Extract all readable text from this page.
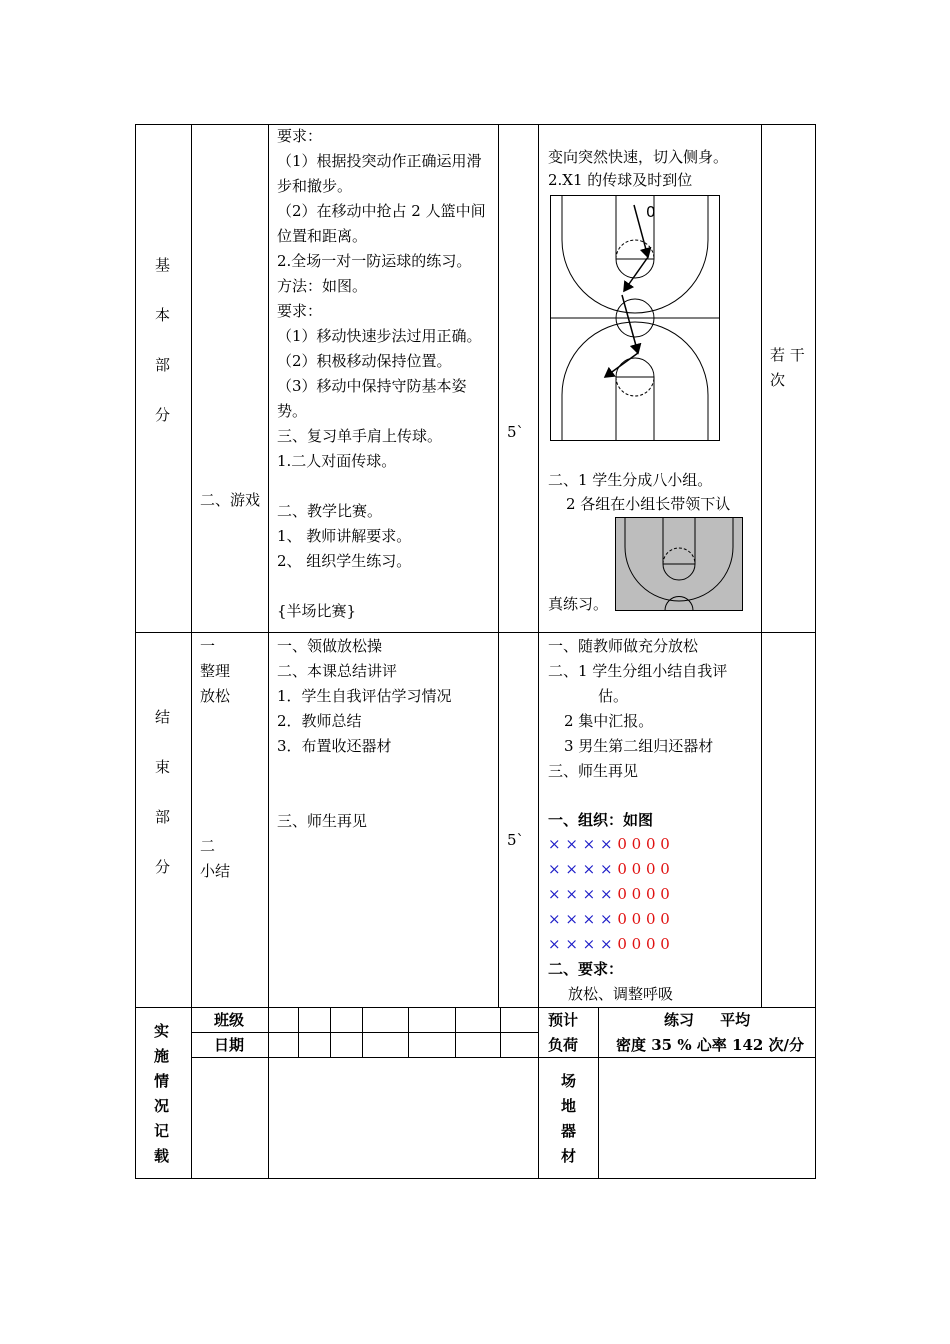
基
本
部
分
二、游戏
要求：
（1）根据投突动作正确运用滑
步和撤步。
（2）在移动中抢占 2 人篮中间
位置和距离。
2.全场一对一防运球的练习。
方法：如图。
要求：
（1）移动快速步法过用正确。
（2）积极移动保持位置。
（3）移动中保持守防基本姿
势。
三、复习单手肩上传球。
1.二人对面传球。
二、教学比赛。
1、 教师讲解要求。
2、 组织学生练习。
{半场比赛}
5`
变向突然快速，切入侧身。
2.X1 的传球及时到位
0
二、1 学生分成八小组。
2 各组在小组长带领下认
真练习。
若 干 次
结
束
部
分
一
整理
放松
二
小结
一、领做放松操
二、本课总结讲评
1．学生自我评估学习情况
2．教师总结
3．布置收还器材
三、师生再见
5`
一、随教师做充分放松
二、1 学生分组小结自我评
估。
2 集中汇报。
3 男生第二组归还器材
三、师生再见
一、组织：如图
× × × × 0 0 0 0
× × × × 0 0 0 0
× × × × 0 0 0 0
× × × × 0 0 0 0
× × × × 0 0 0 0
二、要求：
放松、调整呼吸
实
施
情
况
记
载
班级
日期
预计
负荷
练习     平均
密度 35 % 心率 142 次/分
场
地
器
材
